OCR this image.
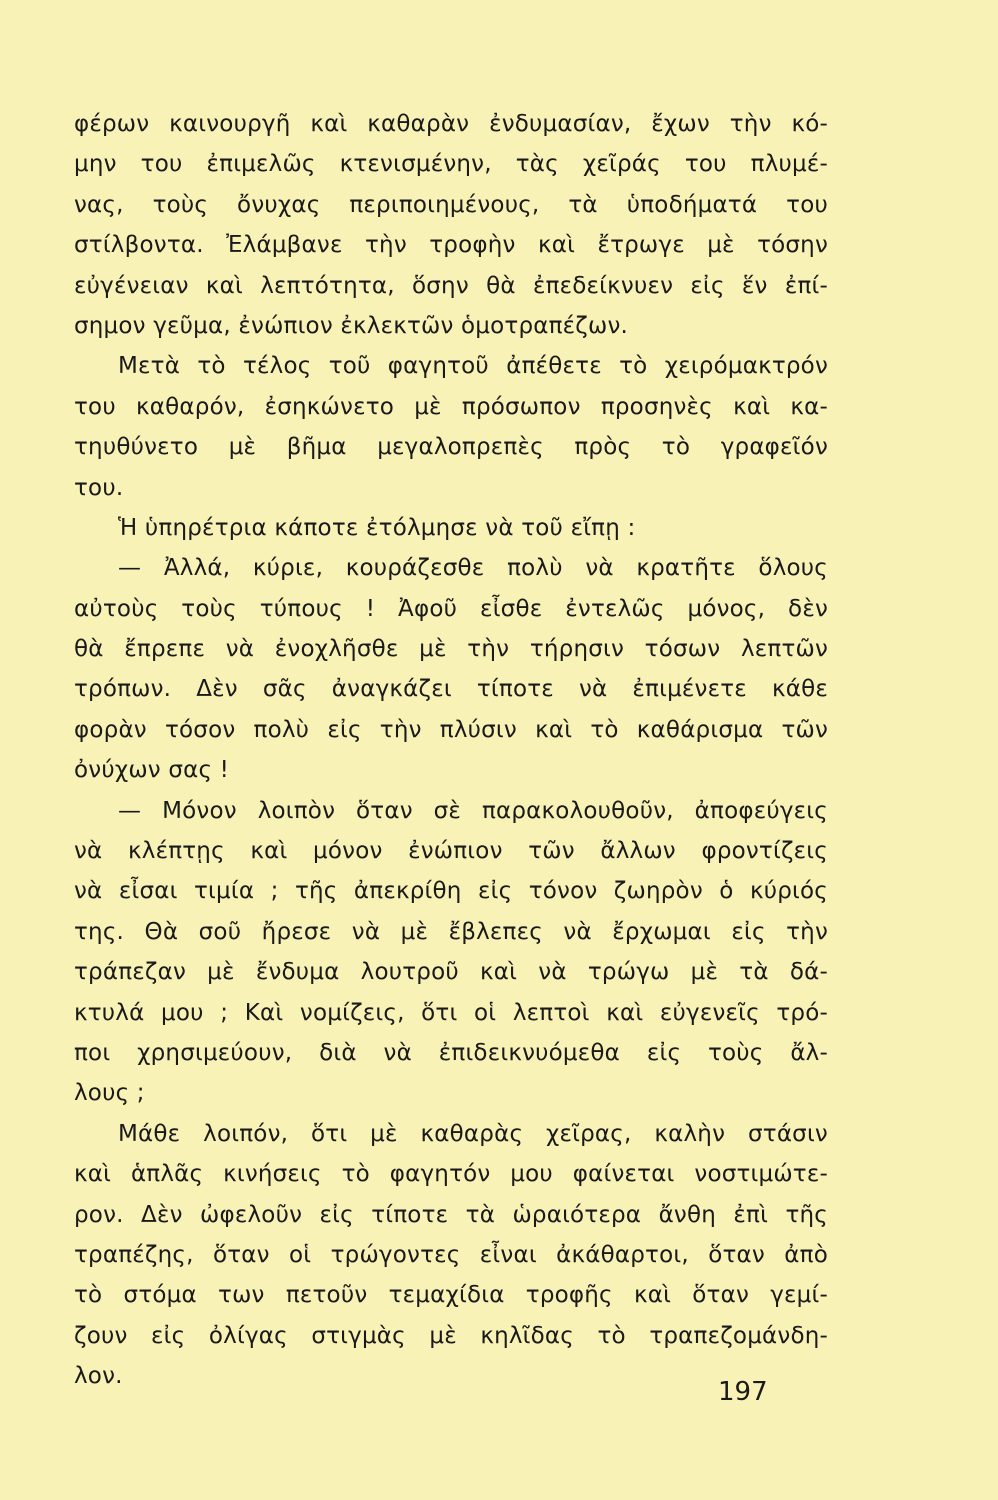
φέρων καινουργῆ καὶ καθαρὰν ἐνδυμασίαν, ἔχων τὴν κό-
μην του ἐπιμελῶς κτενισμένην, τὰς χεῖράς του πλυμέ-
νας, τοὺς ὄνυχας περιποιημένους, τὰ ὑποδήματά του
στίλβοντα. Ἐλάμβανε τὴν τροφὴν καὶ ἔτρωγε μὲ τόσην
εὐγένειαν καὶ λεπτότητα, ὅσην θὰ ἐπεδείκνυεν εἰς ἕν ἐπί-
σημον γεῦμα, ἐνώπιον ἐκλεκτῶν ὁμοτραπέζων.
Μετὰ τὸ τέλος τοῦ φαγητοῦ ἀπέθετε τὸ χειρόμακτρόν
του καθαρόν, ἐσηκώνετο μὲ πρόσωπον προσηνὲς καὶ κα-
τηυθύνετο μὲ βῆμα μεγαλοπρεπὲς πρὸς τὸ γραφεῖόν
του.
Ἡ ὑπηρέτρια κάποτε ἐτόλμησε νὰ τοῦ εἴπῃ :
— Ἀλλά, κύριε, κουράζεσθε πολὺ νὰ κρατῆτε ὅλους
αὐτοὺς τοὺς τύπους ! Ἀφοῦ εἶσθε ἐντελῶς μόνος, δὲν
θὰ ἔπρεπε νὰ ἐνοχλῆσθε μὲ τὴν τήρησιν τόσων λεπτῶν
τρόπων. Δὲν σᾶς ἀναγκάζει τίποτε νὰ ἐπιμένετε κάθε
φορὰν τόσον πολὺ εἰς τὴν πλύσιν καὶ τὸ καθάρισμα τῶν
ὀνύχων σας !
— Μόνον λοιπὸν ὅταν σὲ παρακολουθοῦν, ἀποφεύγεις
νὰ κλέπτῃς καὶ μόνον ἐνώπιον τῶν ἄλλων φροντίζεις
νὰ εἶσαι τιμία ; τῆς ἀπεκρίθη εἰς τόνον ζωηρὸν ὁ κύριός
της. Θὰ σοῦ ἤρεσε νὰ μὲ ἔβλεπες νὰ ἔρχωμαι εἰς τὴν
τράπεζαν μὲ ἔνδυμα λουτροῦ καὶ νὰ τρώγω μὲ τὰ δά-
κτυλά μου ; Καὶ νομίζεις, ὅτι οἱ λεπτοὶ καὶ εὐγενεῖς τρό-
ποι χρησιμεύουν, διὰ νὰ ἐπιδεικνυόμεθα εἰς τοὺς ἄλ-
λους ;
Μάθε λοιπόν, ὅτι μὲ καθαρὰς χεῖρας, καλὴν στάσιν
καὶ ἁπλᾶς κινήσεις τὸ φαγητόν μου φαίνεται νοστιμώτε-
ρον. Δὲν ὠφελοῦν εἰς τίποτε τὰ ὡραιότερα ἄνθη ἐπὶ τῆς
τραπέζης, ὅταν οἱ τρώγοντες εἶναι ἀκάθαρτοι, ὅταν ἀπὸ
τὸ στόμα των πετοῦν τεμαχίδια τροφῆς καὶ ὅταν γεμί-
ζουν εἰς ὀλίγας στιγμὰς μὲ κηλῖδας τὸ τραπεζομάνδη-
λον.
197
